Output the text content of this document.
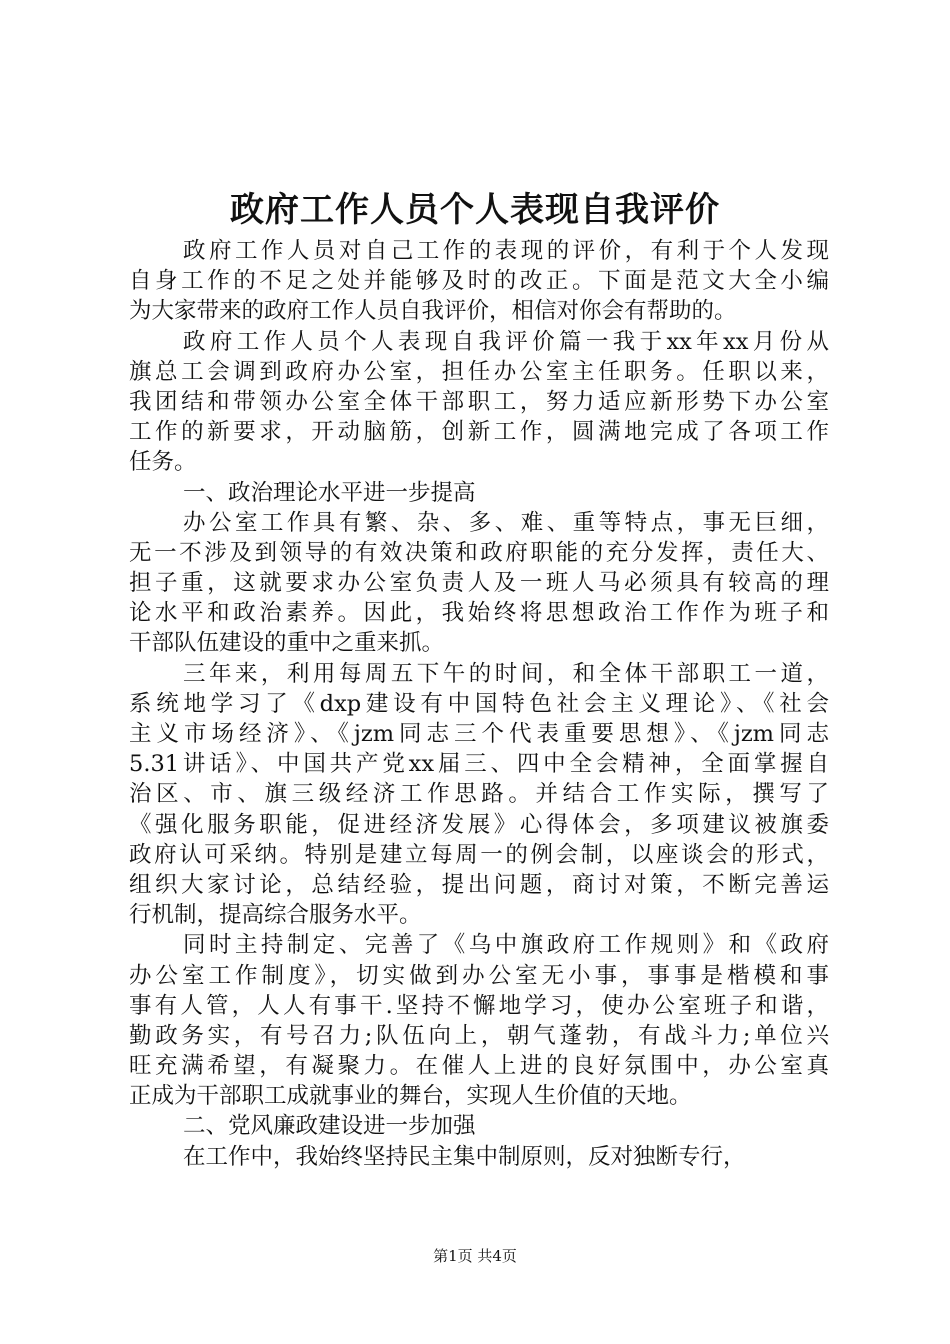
政府工作人员个人表现自我评价
政府工作人员对自己工作的表现的评价，有利于个人发现
自身工作的不足之处并能够及时的改正。下面是范文大全小编
为大家带来的政府工作人员自我评价，相信对你会有帮助的。
政府工作人员个人表现自我评价篇一我于xx年xx月份从
旗总工会调到政府办公室，担任办公室主任职务。任职以来，
我团结和带领办公室全体干部职工，努力适应新形势下办公室
工作的新要求，开动脑筋，创新工作，圆满地完成了各项工作
任务。
一、政治理论水平进一步提高
办公室工作具有繁、杂、多、难、重等特点，事无巨细，
无一不涉及到领导的有效决策和政府职能的充分发挥，责任大、
担子重，这就要求办公室负责人及一班人马必须具有较高的理
论水平和政治素养。因此，我始终将思想政治工作作为班子和
干部队伍建设的重中之重来抓。
三年来，利用每周五下午的时间，和全体干部职工一道，
系统地学习了《dxp建设有中国特色社会主义理论》、《社会
主义市场经济》、《jzm同志三个代表重要思想》、《jzm同志
5.31讲话》、中国共产党xx届三、四中全会精神，全面掌握自
治区、市、旗三级经济工作思路。并结合工作实际，撰写了
《强化服务职能，促进经济发展》心得体会，多项建议被旗委
政府认可采纳。特别是建立每周一的例会制，以座谈会的形式，
组织大家讨论，总结经验，提出问题，商讨对策，不断完善运
行机制，提高综合服务水平。
同时主持制定、完善了《乌中旗政府工作规则》和《政府
办公室工作制度》，切实做到办公室无小事，事事是楷模和事
事有人管，人人有事干.坚持不懈地学习，使办公室班子和谐，
勤政务实，有号召力;队伍向上，朝气蓬勃，有战斗力;单位兴
旺充满希望，有凝聚力。在催人上进的良好氛围中，办公室真
正成为干部职工成就事业的舞台，实现人生价值的天地。
二、党风廉政建设进一步加强
在工作中，我始终坚持民主集中制原则，反对独断专行，
第1页 共4页
